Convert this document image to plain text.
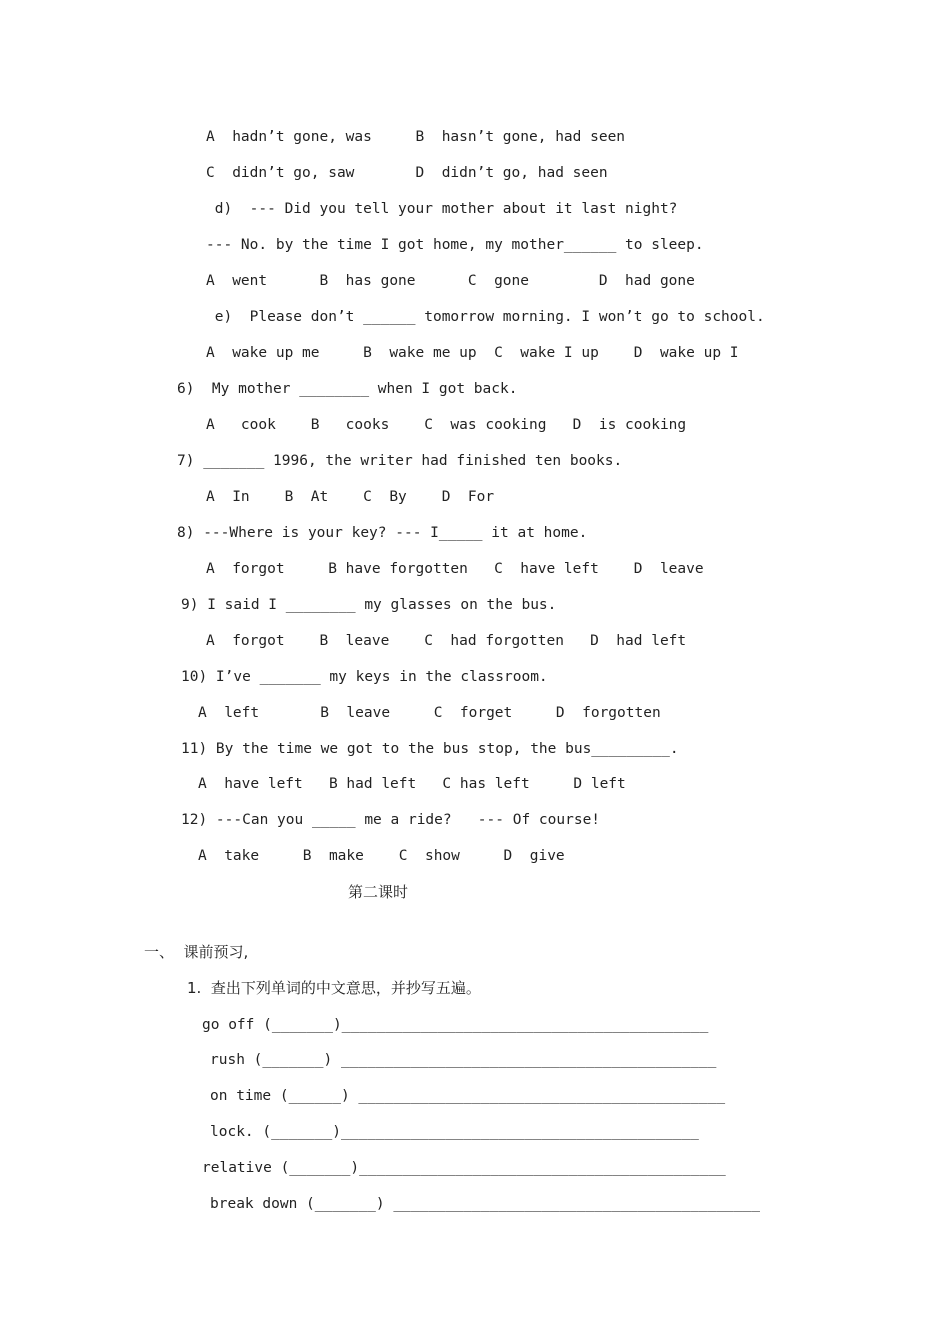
A  hadn’t gone, was     B  hasn’t gone, had seen
C  didn’t go, saw       D  didn’t go, had seen
d)  --- Did you tell your mother about it last night?
--- No. by the time I got home, my mother______ to sleep.
A  went      B  has gone      C  gone        D  had gone
e)  Please don’t ______ tomorrow morning. I won’t go to school.
A  wake up me     B  wake me up  C  wake I up    D  wake up I
6)  My mother ________ when I got back.
A   cook    B   cooks    C  was cooking   D  is cooking
7) _______ 1996, the writer had finished ten books.
A  In    B  At    C  By    D  For
8) ---Where is your key? --- I_____ it at home.
A  forgot     B have forgotten   C  have left    D  leave
9) I said I ________ my glasses on the bus.
A  forgot    B  leave    C  had forgotten   D  had left
10) I’ve _______ my keys in the classroom.
A  left       B  leave     C  forget     D  forgotten
11) By the time we got to the bus stop, the bus_________.
A  have left   B had left   C has left     D left
12) ---Can you _____ me a ride?   --- Of course!
A  take     B  make    C  show     D  give
第二课时
一、  课前预习,
1.  查出下列单词的中文意思，并抄写五遍。
go off (_______)__________________________________________
rush (_______) ___________________________________________
on time (______) __________________________________________
lock. (_______)_________________________________________
relative (_______)__________________________________________
break down (_______) __________________________________________
